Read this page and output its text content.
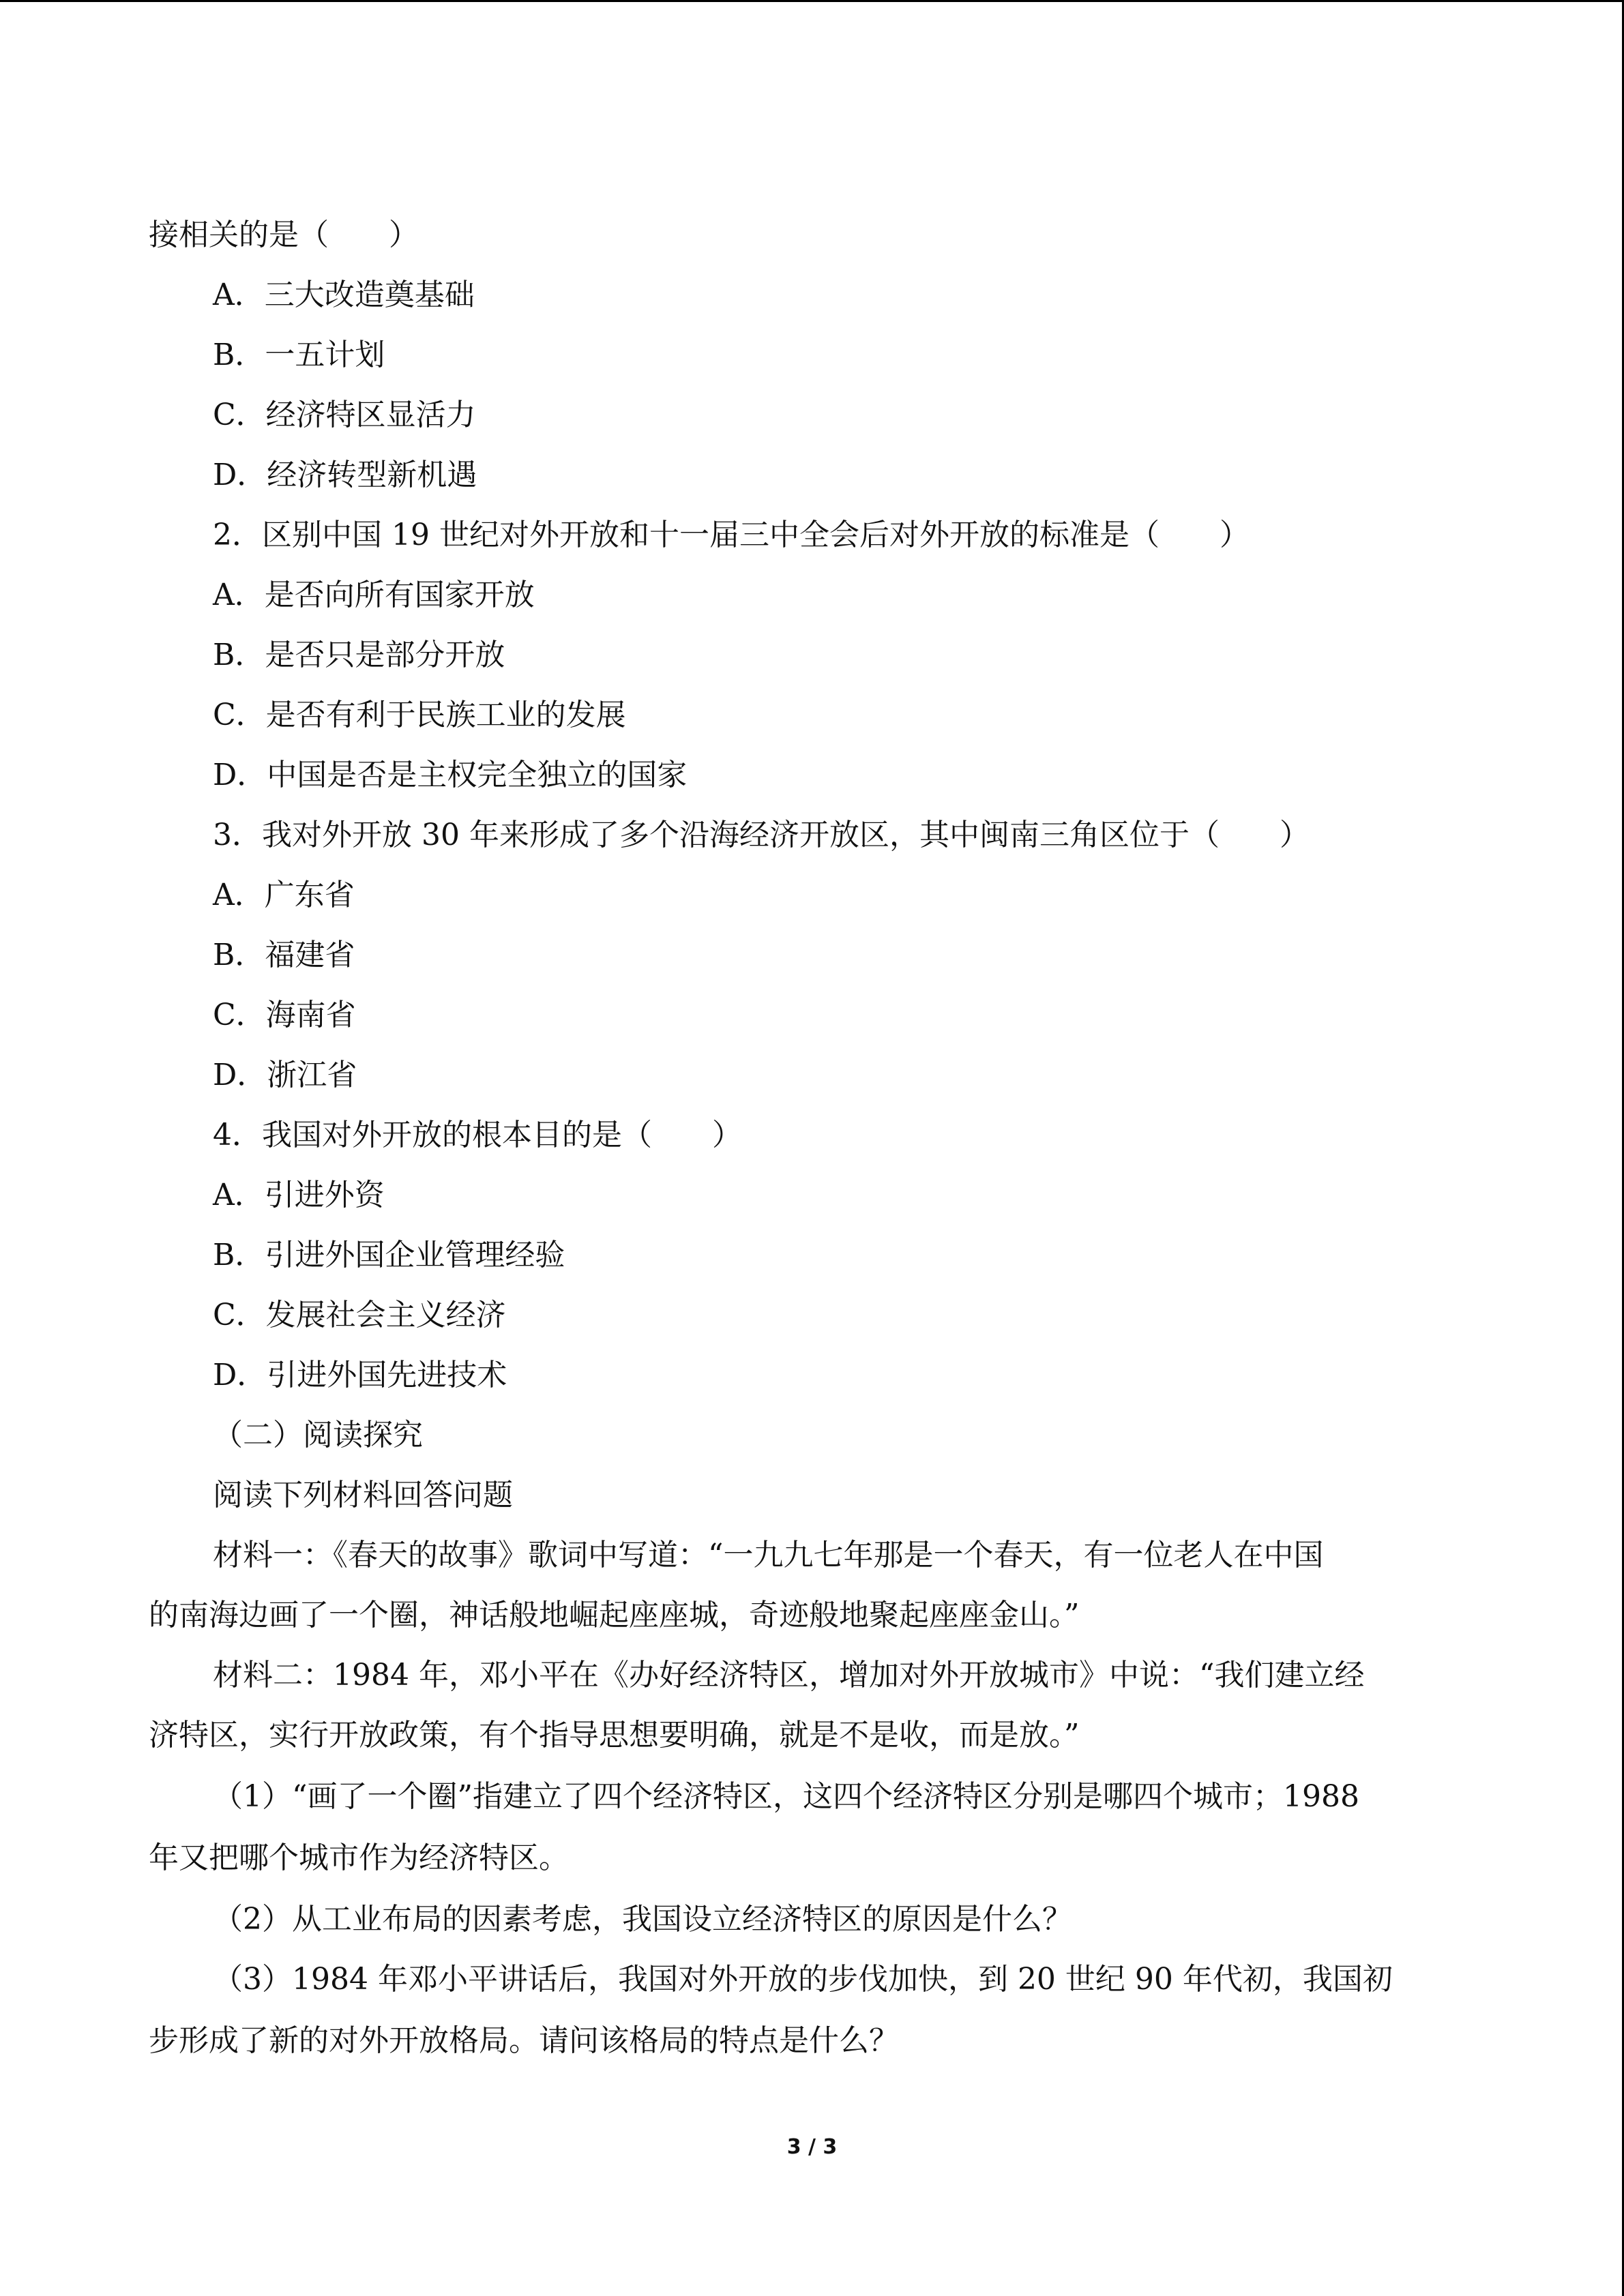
接相关的是（　　）
A．三大改造奠基础
B．一五计划
C．经济特区显活力
D．经济转型新机遇
2．区别中国 19 世纪对外开放和十一届三中全会后对外开放的标准是（　　）
A．是否向所有国家开放
B．是否只是部分开放
C．是否有利于民族工业的发展
D．中国是否是主权完全独立的国家
3．我对外开放 30 年来形成了多个沿海经济开放区，其中闽南三角区位于（　　）
A．广东省
B．福建省
C．海南省
D．浙江省
4．我国对外开放的根本目的是（　　）
A．引进外资
B．引进外国企业管理经验
C．发展社会主义经济
D．引进外国先进技术
（二）阅读探究
阅读下列材料回答问题
材料一：《春天的故事》歌词中写道：“一九九七年那是一个春天，有一位老人在中国
的南海边画了一个圈，神话般地崛起座座城，奇迹般地聚起座座金山。”
材料二：1984 年，邓小平在《办好经济特区，增加对外开放城市》中说：“我们建立经
济特区，实行开放政策，有个指导思想要明确，就是不是收，而是放。”
（1）“画了一个圈”指建立了四个经济特区，这四个经济特区分别是哪四个城市；1988
年又把哪个城市作为经济特区。
（2）从工业布局的因素考虑，我国设立经济特区的原因是什么？
（3）1984 年邓小平讲话后，我国对外开放的步伐加快，到 20 世纪 90 年代初，我国初
步形成了新的对外开放格局。请问该格局的特点是什么？
3 / 3
